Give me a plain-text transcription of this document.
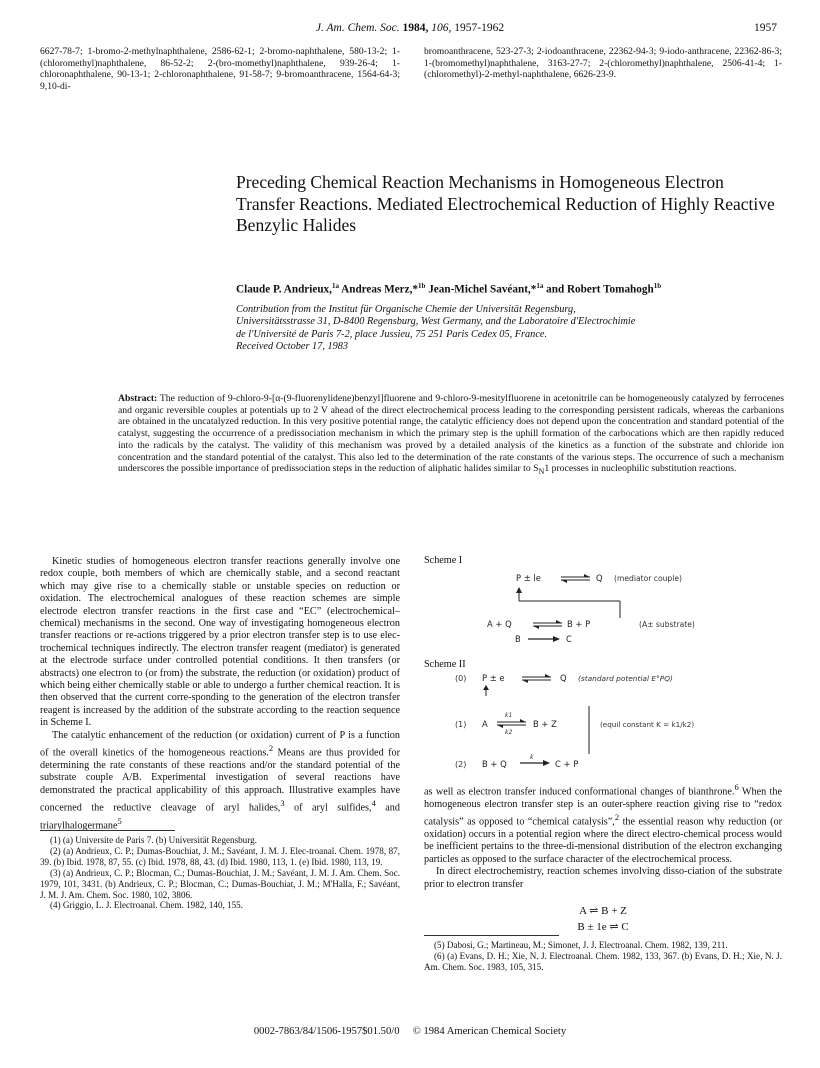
J. Am. Chem. Soc. 1984, 106, 1957-1962	1957
6627-78-7; 1-bromo-2-methylnaphthalene, 2586-62-1; 2-bromo-naphthalene, 580-13-2; 1-(chloromethyl)naphthalene, 86-52-2; 2-(bro-momethyl)naphthalene, 939-26-4; 1-chloronaphthalene, 90-13-1; 2-chloronaphthalene, 91-58-7; 9-bromoanthracene, 1564-64-3; 9,10-di-
bromoanthracene, 523-27-3; 2-iodoanthracene, 22362-94-3; 9-iodo-anthracene, 22362-86-3; 1-(bromomethyl)naphthalene, 3163-27-7; 2-(chloromethyl)naphthalene, 2506-41-4; 1-(chloromethyl)-2-methyl-naphthalene, 6626-23-9.
Preceding Chemical Reaction Mechanisms in Homogeneous Electron Transfer Reactions. Mediated Electrochemical Reduction of Highly Reactive Benzylic Halides
Claude P. Andrieux,$^{1a}$ Andreas Merz,*$^{1b}$ Jean-Michel Savéant,*$^{1a}$ and Robert Tomahogh$^{1b}$
Contribution from the Institut für Organische Chemie der Universität Regensburg,
Universitätsstrasse 31, D-8400 Regensburg, West Germany, and the Laboratoire d'Electrochimie
de l'Université de Paris 7-2, place Jussieu, 75 251 Paris Cedex 05, France.
Received October 17, 1983
Abstract: The reduction of 9-chloro-9-[α-(9-fluorenylidene)benzyl]fluorene and 9-chloro-9-mesitylfluorene in acetonitrile can be homogeneously catalyzed by ferrocenes and organic reversible couples at potentials up to 2 V ahead of the direct electrochemical process leading to the corresponding persistent radicals, whereas the carbanions are obtained in the uncatalyzed reduction. In this very positive potential range, the catalytic efficiency does not depend upon the concentration and standard potential of the catalyst, suggesting the occurrence of a predissociation mechanism in which the primary step is the uphill formation of the carbocations which are then rapidly reduced into the radicals by the catalyst. The validity of this mechanism was proved by a detailed analysis of the kinetics as a function of the substrate and chloride ion concentration and the standard potential of the catalyst. This also led to the determination of the rate constants of the various steps. The occurrence of such a mechanism underscores the possible importance of predissociation steps in the reduction of aliphatic halides similar to $S_N1$ processes in nucleophilic substitution reactions.

Kinetic studies of homogeneous electron transfer reactions generally involve one redox couple, both members of which are chemically stable, and a second reactant which may give rise to a chemically stable or unstable species on reduction or oxidation. The electrochemical analogues of these reaction schemes are simple electrode electron transfer reactions in the first case and “EC” (electrochemical–chemical) mechanisms in the second. One way of investigating homogeneous electron transfer reactions or re-actions triggered by a prior electron transfer step is to use elec-trochemical techniques indirectly. The electron transfer reagent (mediator) is generated at the electrode surface under controlled potential conditions. It then transfers (or abstracts) one electron to (or from) the substrate, the reduction (or oxidation) product of which being either chemically stable or able to undergo a further chemical reaction. It is then observed that the current corre-sponding to the generation of the electron transfer reagent is increased by the addition of the substrate according to the reaction sequence in Scheme I.

The catalytic enhancement of the reduction (or oxidation) current of P is a function of the overall kinetics of the homogeneous reactions.$^2$ Means are thus provided for determining the rate constants of these reactions and/or the standard potential of the substrate couple A/B. Experimental investigation of several reactions have demonstrated the practical applicability of this approach. Illustrative examples have concerned the reductive cleavage of aryl halides,$^3$ of aryl sulfides,$^4$ and triarylhalogermane$^5$

(1) (a) Universite de Paris 7. (b) Universität Regensburg.

(2) (a) Andrieux, C. P.; Dumas-Bouchiat, J. M.; Savéant, J. M. J. Elec-troanal. Chem. 1978, 87, 39. (b) Ibid. 1978, 87, 55. (c) Ibid. 1978, 88, 43. (d) Ibid. 1980, 113, 1. (e) Ibid. 1980, 113, 19.

(3) (a) Andrieux, C. P.; Blocman, C.; Dumas-Bouchiat, J. M.; Savéant, J. M. J. Am. Chem. Soc. 1979, 101, 3431. (b) Andrieux, C. P.; Blocman, C.; Dumas-Bouchiat, J. M.; M'Halla, F.; Savéant, J. M. J. Am. Chem. Soc. 1980, 102, 3806.

(4) Griggio, L. J. Electroanal. Chem. 1982, 140, 155.

Scheme I
P ± le	Q (mediator couple)
A + Q	B + P	(A± substrate)
B	C
Scheme II
(0) P ± e	Q (standard potential E°PQ)
(1) A
k1
k2
B + Z	(equil constant K = k1/k2)
(2) B + Q
k
C + P

as well as electron transfer induced conformational changes of bianthrone.$^6$ When the homogeneous electron transfer step is an outer-sphere reaction giving rise to “redox catalysis” as opposed to “chemical catalysis”,$^2$ the essential reason why reduction (or oxidation) occurs in a potential region where the direct electro-chemical process would be inefficient pertains to the three-di-mensional distribution of the electron exchanging particles as opposed to the surface character of the electrochemical process.

In direct electrochemistry, reaction schemes involving disso-ciation of the substrate prior to electron transfer

A ⇌ B + Z
B ± 1e ⇌ C

(5) Dabosi, G.; Martineau, M.; Simonet, J. J. Electroanal. Chem. 1982, 139, 211.

(6) (a) Evans, D. H.; Xie, N. J. Electroanal. Chem. 1982, 133, 367. (b) Evans, D. H.; Xie, N. J. Am. Chem. Soc. 1983, 105, 315.

0002-7863/84/1506-1957$01.50/0 © 1984 American Chemical Society
